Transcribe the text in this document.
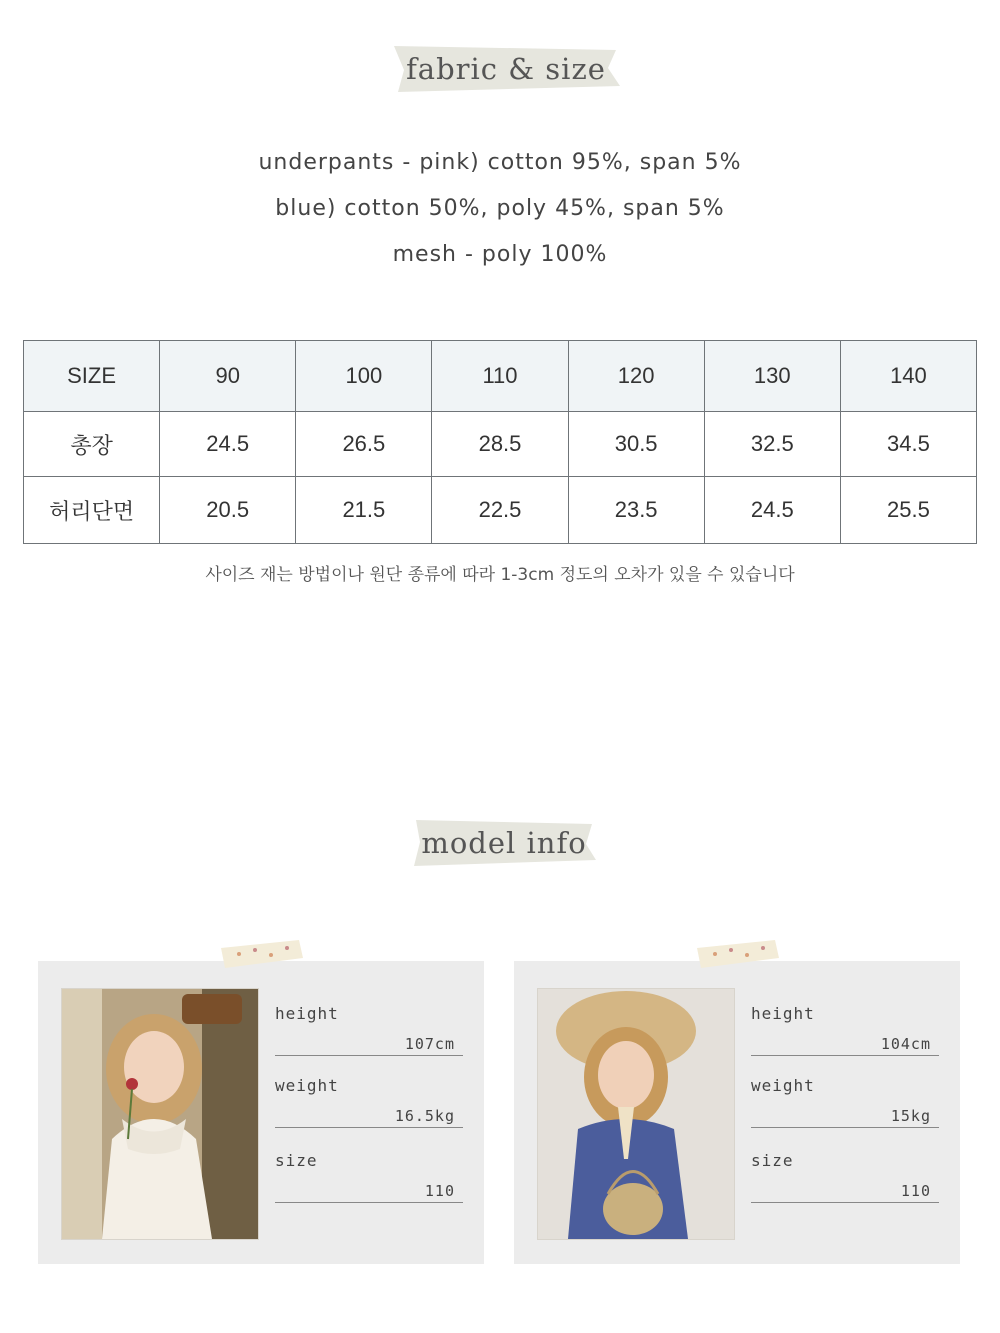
fabric & size
underpants - pink) cotton 95%, span 5%
blue) cotton 50%, poly 45%, span 5%
mesh - poly 100%
SIZE	90	100	110	120	130	140
총장	24.5	26.5	28.5	30.5	32.5	34.5
허리단면	20.5	21.5	22.5	23.5	24.5	25.5
사이즈 재는 방법이나 원단 종류에 따라 1-3cm 정도의 오차가 있을 수 있습니다
model info
height
107cm
weight
16.5kg
size
110
height
104cm
weight
15kg
size
110
